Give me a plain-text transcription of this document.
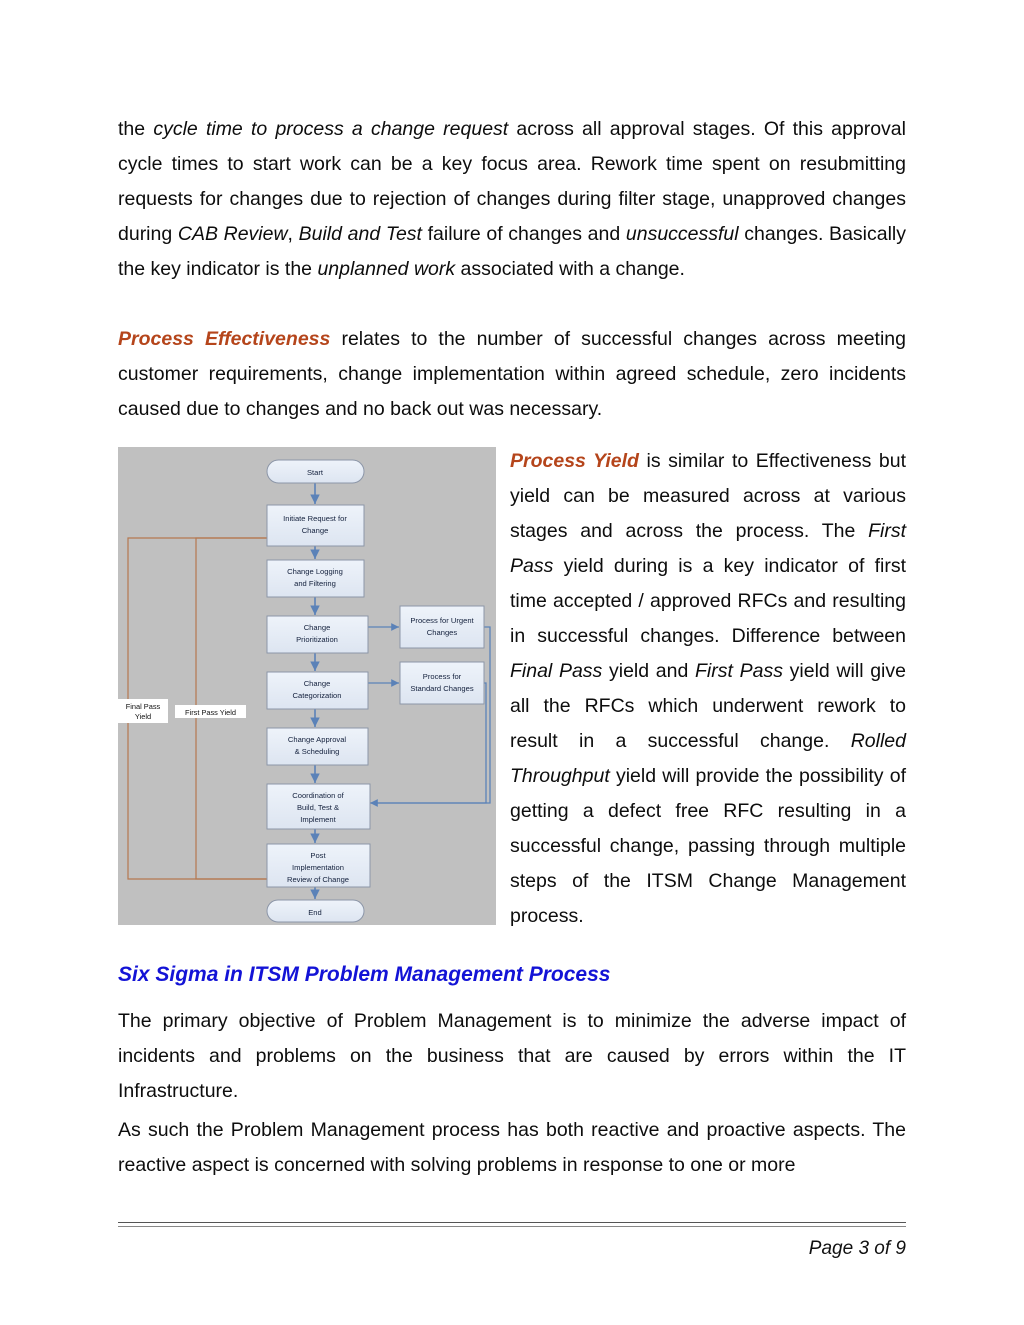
the cycle time to process a change request across all approval stages. Of this approval cycle times to start work can be a key focus area. Rework time spent on resubmitting requests for changes due to rejection of changes during filter stage, unapproved changes during CAB Review, Build and Test failure of changes and unsuccessful changes. Basically the key indicator is the unplanned work associated with a change.

Process Effectiveness relates to the number of successful changes across meeting customer requirements, change implementation within agreed schedule, zero incidents caused due to changes and no back out was necessary.

Start
Initiate Request for
Change
Change Logging
and Filtering
Change
Prioritization
Change
Categorization
Change Approval
& Scheduling
Coordination of
Build, Test &
Implement
Post
Implementation
Review of Change
End
Process for Urgent
Changes
Process for
Standard Changes
Final Pass
Yield	First Pass Yield

Process Yield is similar to Effectiveness but yield can be measured across at various stages and across the process. The First Pass yield during is a key indicator of first time accepted / approved RFCs and resulting in successful changes. Difference between Final Pass yield and First Pass yield will give all the RFCs which underwent rework to result in a successful change. Rolled Throughput yield will provide the possibility of getting a defect free RFC resulting in a successful change, passing through multiple steps of the ITSM Change Management process.

Six Sigma in ITSM Problem Management Process

The primary objective of Problem Management is to minimize the adverse impact of incidents and problems on the business that are caused by errors within the IT Infrastructure.

As such the Problem Management process has both reactive and proactive aspects. The reactive aspect is concerned with solving problems in response to one or more

Page 3 of 9
